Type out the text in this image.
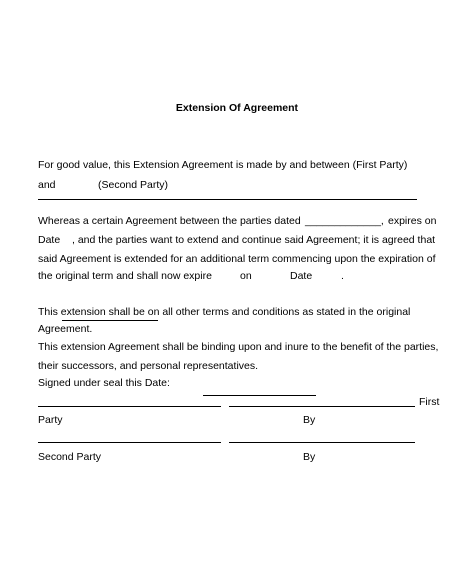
Extension Of Agreement
For good value, this Extension Agreement is made by and between (First Party)
and	(Second Party)
Whereas a certain Agreement between the parties dated _____________, expires on
Date , and the parties want to extend and continue said Agreement; it is agreed that
said Agreement is extended for an additional term commencing upon the expiration of
the original term and shall now expire	on	Date	.
This extension shall be on all other terms and conditions as stated in the original
Agreement.
This extension Agreement shall be binding upon and inure to the benefit of the parties,
their successors, and personal representatives.
Signed under seal this Date:
First
Party	By
Second Party	By
